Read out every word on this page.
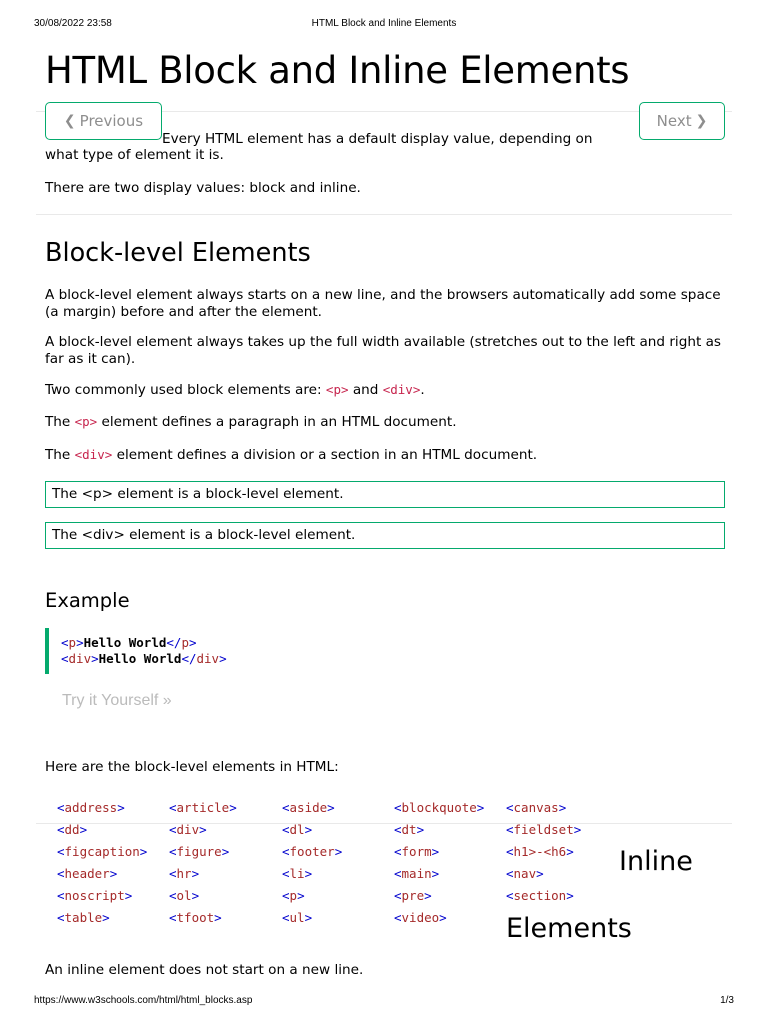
30/08/2022 23:58	HTML Block and Inline Elements
HTML Block and Inline Elements
❮ Previous	Next ❯
Every HTML element has a default display value, depending on

what type of element it is.

There are two display values: block and inline.

Block-level Elements

A block-level element always starts on a new line, and the browsers automatically add some space (a margin) before and after the element.

A block-level element always takes up the full width available (stretches out to the left and right as far as it can).

Two commonly used block elements are: <p> and <div>.

The <p> element defines a paragraph in an HTML document.

The <div> element defines a division or a section in an HTML document.

The <p> element is a block-level element.
The <div> element is a block-level element.
Example
<p>Hello World</p>
<div>Hello World</div>
Try it Yourself »

Here are the block-level elements in HTML:

<address>	<article>	<aside>	<blockquote> <canvas>
<dd>	<div>	<dl>	<dt>	<fieldset>
<figcaption> <figure>	<footer>	<form>	<h1>-<h6>
<header>	<hr>	<li>	<main>	<nav>
<noscript>	<ol>	<p>	<pre>	<section>
<table>	<tfoot>	<ul>	<video>
Inline
Elements

An inline element does not start on a new line.

https://www.w3schools.com/html/html_blocks.asp	1/3
